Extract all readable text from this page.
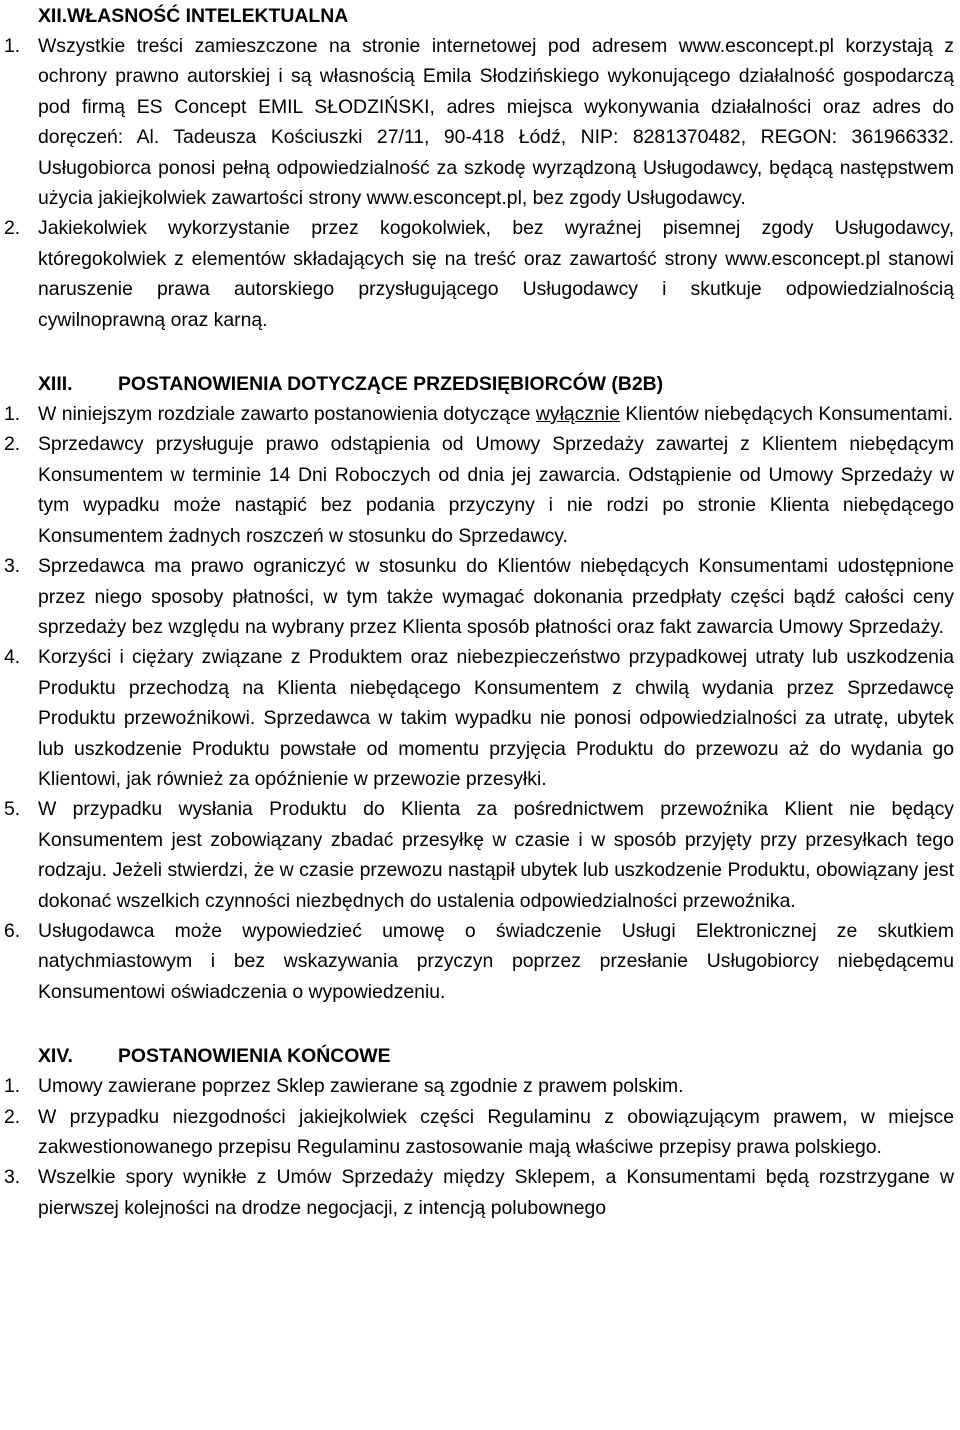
XII.WŁASNOŚĆ INTELEKTUALNA
1. Wszystkie treści zamieszczone na stronie internetowej pod adresem www.esconcept.pl korzystają z ochrony prawno autorskiej i są własnością Emila Słodzińskiego wykonującego działalność gospodarczą pod firmą ES Concept EMIL SŁODZIŃSKI, adres miejsca wykonywania działalności oraz adres do doręczeń: Al. Tadeusza Kościuszki 27/11, 90-418 Łódź, NIP: 8281370482, REGON: 361966332. Usługobiorca ponosi pełną odpowiedzialność za szkodę wyrządzoną Usługodawcy, będącą następstwem użycia jakiejkolwiek zawartości strony www.esconcept.pl, bez zgody Usługodawcy.
2. Jakiekolwiek wykorzystanie przez kogokolwiek, bez wyraźnej pisemnej zgody Usługodawcy, któregokolwiek z elementów składających się na treść oraz zawartość strony www.esconcept.pl stanowi naruszenie prawa autorskiego przysługującego Usługodawcy i skutkuje odpowiedzialnością cywilnoprawną oraz karną.
XIII. POSTANOWIENIA DOTYCZĄCE PRZEDSIĘBIORCÓW (B2B)
1. W niniejszym rozdziale zawarto postanowienia dotyczące wyłącznie Klientów niebędących Konsumentami.
2. Sprzedawcy przysługuje prawo odstąpienia od Umowy Sprzedaży zawartej z Klientem niebędącym Konsumentem w terminie 14 Dni Roboczych od dnia jej zawarcia. Odstąpienie od Umowy Sprzedaży w tym wypadku może nastąpić bez podania przyczyny i nie rodzi po stronie Klienta niebędącego Konsumentem żadnych roszczeń w stosunku do Sprzedawcy.
3. Sprzedawca ma prawo ograniczyć w stosunku do Klientów niebędących Konsumentami udostępnione przez niego sposoby płatności, w tym także wymagać dokonania przedpłaty części bądź całości ceny sprzedaży bez względu na wybrany przez Klienta sposób płatności oraz fakt zawarcia Umowy Sprzedaży.
4. Korzyści i ciężary związane z Produktem oraz niebezpieczeństwo przypadkowej utraty lub uszkodzenia Produktu przechodzą na Klienta niebędącego Konsumentem z chwilą wydania przez Sprzedawcę Produktu przewoźnikowi. Sprzedawca w takim wypadku nie ponosi odpowiedzialności za utratę, ubytek lub uszkodzenie Produktu powstałe od momentu przyjęcia Produktu do przewozu aż do wydania go Klientowi, jak również za opóźnienie w przewozie przesyłki.
5. W przypadku wysłania Produktu do Klienta za pośrednictwem przewoźnika Klient nie będący Konsumentem jest zobowiązany zbadać przesyłkę w czasie i w sposób przyjęty przy przesyłkach tego rodzaju. Jeżeli stwierdzi, że w czasie przewozu nastąpił ubytek lub uszkodzenie Produktu, obowiązany jest dokonać wszelkich czynności niezbędnych do ustalenia odpowiedzialności przewoźnika.
6. Usługodawca może wypowiedzieć umowę o świadczenie Usługi Elektronicznej ze skutkiem natychmiastowym i bez wskazywania przyczyn poprzez przesłanie Usługobiorcy niebędącemu Konsumentowi oświadczenia o wypowiedzeniu.
XIV. POSTANOWIENIA KOŃCOWE
1. Umowy zawierane poprzez Sklep zawierane są zgodnie z prawem polskim.
2. W przypadku niezgodności jakiejkolwiek części Regulaminu z obowiązującym prawem, w miejsce zakwestionowanego przepisu Regulaminu zastosowanie mają właściwe przepisy prawa polskiego.
3. Wszelkie spory wynikłe z Umów Sprzedaży między Sklepem, a Konsumentami będą rozstrzygane w pierwszej kolejności na drodze negocjacji, z intencją polubownego
